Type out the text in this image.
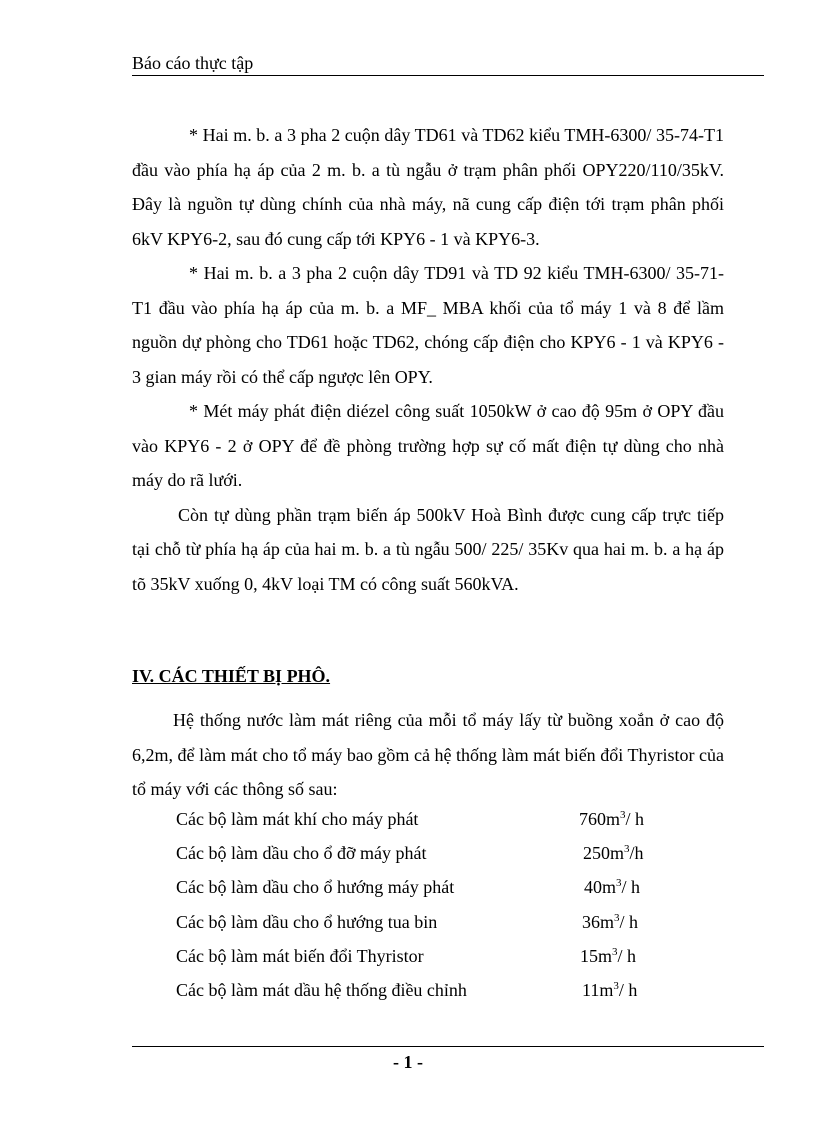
Báo cáo thực tập

* Hai m. b. a 3 pha 2 cuộn dây TD61 và TD62 kiểu TMH-6300/ 35-74-T1 đầu vào phía hạ áp của 2 m. b. a tù ngẫu ở trạm phân phối OPY220/110/35kV. Đây là nguồn tự dùng chính của nhà máy, nã cung cấp điện tới trạm phân phối 6kV KPY6-2, sau đó cung cấp tới KPY6 - 1 và KPY6-3.

* Hai m. b. a 3 pha 2 cuộn dây TD91 và TD 92 kiểu TMH-6300/ 35-71-T1 đầu vào phía hạ áp của m. b. a MF_ MBA khối của tổ máy 1 và 8 để lầm nguồn dự phòng cho TD61 hoặc TD62, chóng cấp điện cho KPY6 - 1 và KPY6 - 3 gian máy rồi có thể cấp ngược lên OPY.

* Mét máy phát điện diézel công suất 1050kW ở cao độ 95m ở OPY đầu vào KPY6 - 2 ở OPY để đề phòng trường hợp sự cố mất điện tự dùng cho nhà máy do rã lưới.

Còn tự dùng phần trạm biến áp 500kV Hoà Bình được cung cấp trực tiếp tại chỗ từ phía hạ áp của hai m. b. a tù ngẫu 500/ 225/ 35Kv qua hai m. b. a hạ áp tõ 35kV xuống 0, 4kV loại TM có công suất 560kVA.

IV. CÁC THIẾT BỊ PHÔ.

Hệ thống nước làm mát riêng của mỗi tổ máy lấy từ buồng xoắn ở cao độ 6,2m, để làm mát cho tổ máy bao gồm cả hệ thống làm mát biến đổi Thyristor của tổ máy với các thông số sau:

Các bộ làm mát khí cho máy phát	$760m^3/$ h
Các bộ làm dầu cho ổ đỡ máy phát	$250m^3/h$
Các bộ làm dầu cho ổ hướng máy phát	$40m^3/$ h
Các bộ làm dầu cho ổ hướng tua bin	$36m^3/$ h
Các bộ làm mát biến đổi Thyristor	$15m^3/$ h
Các bộ làm mát dầu hệ thống điều chỉnh	$11m^3/$ h
- 1 -
